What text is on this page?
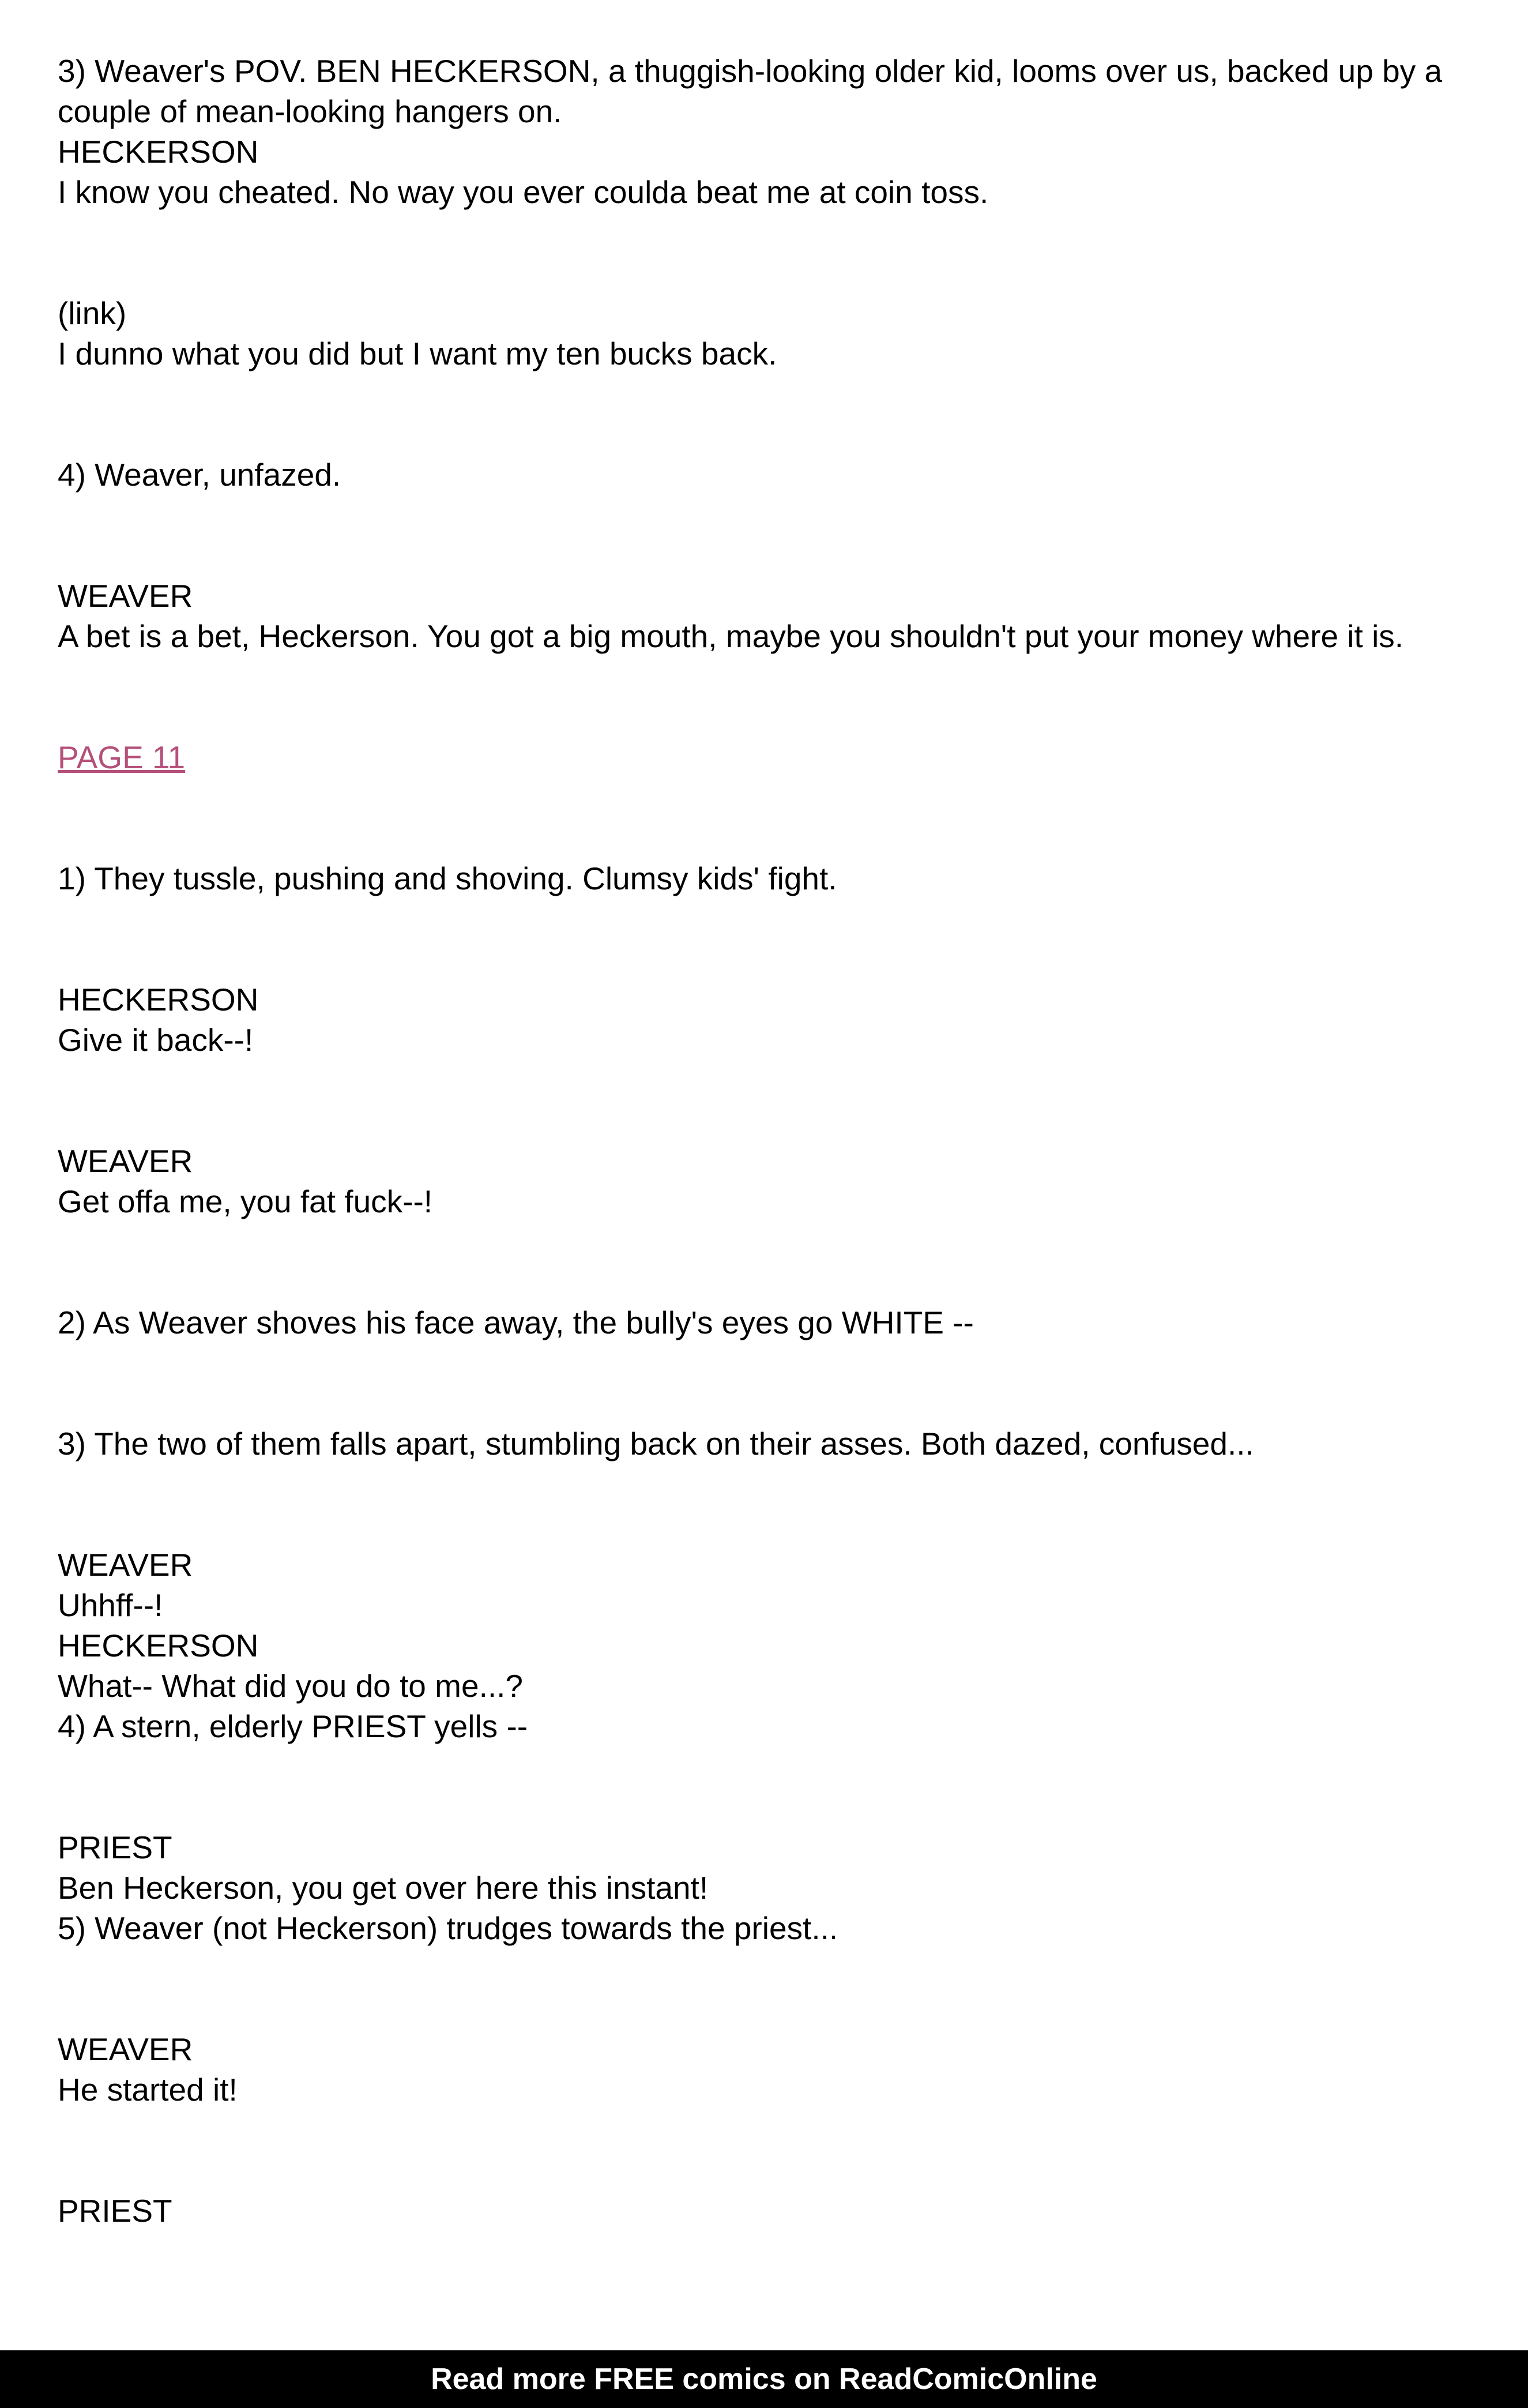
3) Weaver's POV. BEN HECKERSON, a thuggish-looking older kid, looms over us, backed up by a couple of mean-looking hangers on.
HECKERSON
I know you cheated. No way you ever coulda beat me at coin toss.
(link)
I dunno what you did but I want my ten bucks back.
4) Weaver, unfazed.
WEAVER
A bet is a bet, Heckerson. You got a big mouth, maybe you shouldn't put your money where it is.
PAGE 11
1) They tussle, pushing and shoving. Clumsy kids' fight.
HECKERSON
Give it back--!
WEAVER
Get offa me, you fat fuck--!
2) As Weaver shoves his face away, the bully's eyes go WHITE --
3) The two of them falls apart, stumbling back on their asses. Both dazed, confused...
WEAVER
Uhhff--!
HECKERSON
What-- What did you do to me...?
4) A stern, elderly PRIEST yells --
PRIEST
Ben Heckerson, you get over here this instant!
5) Weaver (not Heckerson) trudges towards the priest...
WEAVER
He started it!
PRIEST
Read more FREE comics on ReadComicOnline
